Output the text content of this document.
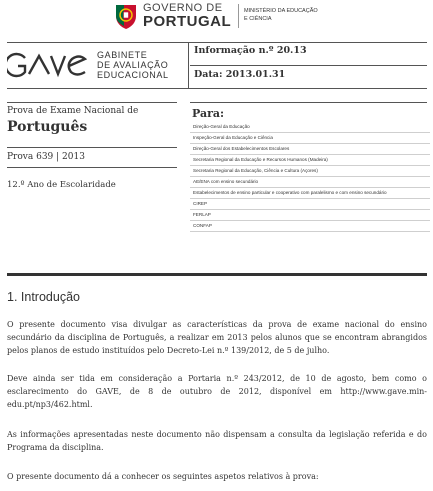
GOVERNO DE
PORTUGAL
MINISTÉRIO DA EDUCAÇÃO
E CIÊNCIA
GABINETE
DE AVALIAÇÃO
EDUCACIONAL
Informação n.º 20.13
Data: 2013.01.31
Prova de Exame Nacional de
Português
Prova 639 | 2013
12.º Ano de Escolaridade
Para:
Direção-Geral da Educação
Inspeção-Geral da Educação e Ciência
Direção-Geral dos Estabelecimentos Escolares
Secretaria Regional da Educação e Recursos Humanos (Madeira)
Secretaria Regional da Educação, Ciência e Cultura (Açores)
AE/ENA com ensino secundário
Estabelecimentos de ensino particular e cooperativo com paralelismo e com ensino secundário
CIREP
FERLAP
CONFAP
1. Introdução

O presente documento visa divulgar as características da prova de exame nacional do ensino secundário da disciplina de Português, a realizar em 2013 pelos alunos que se encontram abrangidos pelos planos de estudo instituídos pelo Decreto-Lei n.º 139/2012, de 5 de julho.

Deve ainda ser tida em consideração a Portaria n.º 243/2012, de 10 de agosto, bem como o esclarecimento do GAVE, de 8 de outubro de 2012, disponível em http://www.gave.min-edu.pt/np3/462.html.

As informações apresentadas neste documento não dispensam a consulta da legislação referida e do Programa da disciplina.

O presente documento dá a conhecer os seguintes aspetos relativos à prova:
